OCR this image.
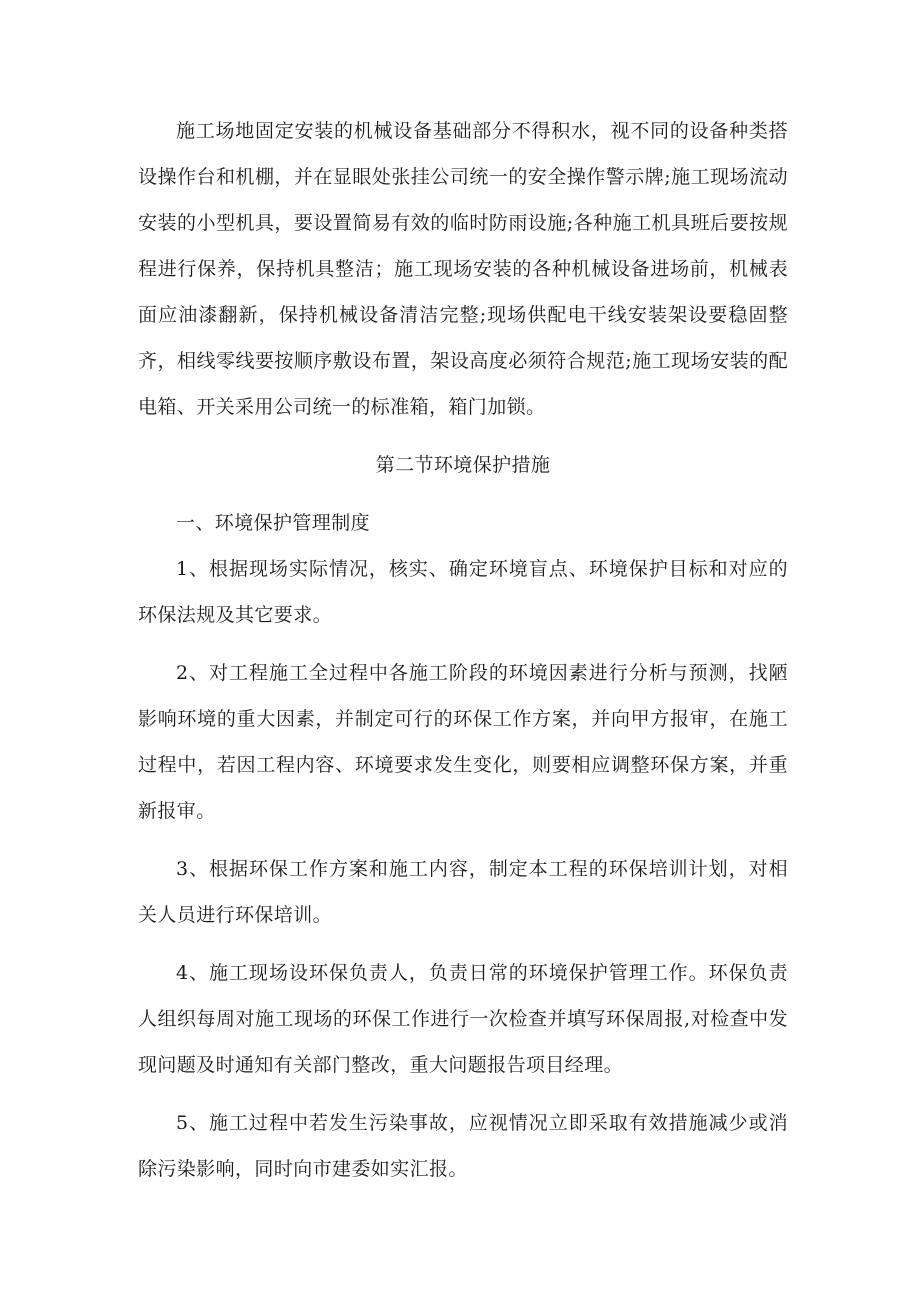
施工场地固定安装的机械设备基础部分不得积水，视不同的设备种类搭设操作台和机棚，并在显眼处张挂公司统一的安全操作警示牌;施工现场流动安装的小型机具，要设置简易有效的临时防雨设施;各种施工机具班后要按规程进行保养，保持机具整洁；施工现场安装的各种机械设备进场前，机械表面应油漆翻新，保持机械设备清洁完整;现场供配电干线安装架设要稳固整齐，相线零线要按顺序敷设布置，架设高度必须符合规范;施工现场安装的配电箱、开关采用公司统一的标准箱，箱门加锁。

第二节环境保护措施

一、环境保护管理制度

1、根据现场实际情况，核实、确定环境盲点、环境保护目标和对应的环保法规及其它要求。

2、对工程施工全过程中各施工阶段的环境因素进行分析与预测，找陋影响环境的重大因素，并制定可行的环保工作方案，并向甲方报审，在施工过程中，若因工程内容、环境要求发生变化，则要相应调整环保方案，并重新报审。

3、根据环保工作方案和施工内容，制定本工程的环保培训计划，对相关人员进行环保培训。

4、施工现场设环保负责人，负责日常的环境保护管理工作。环保负责人组织每周对施工现场的环保工作进行一次检查并填写环保周报,对检查中发现问题及时通知有关部门整改，重大问题报告项目经理。

5、施工过程中若发生污染事故，应视情况立即采取有效措施减少或消除污染影响，同时向市建委如实汇报。
